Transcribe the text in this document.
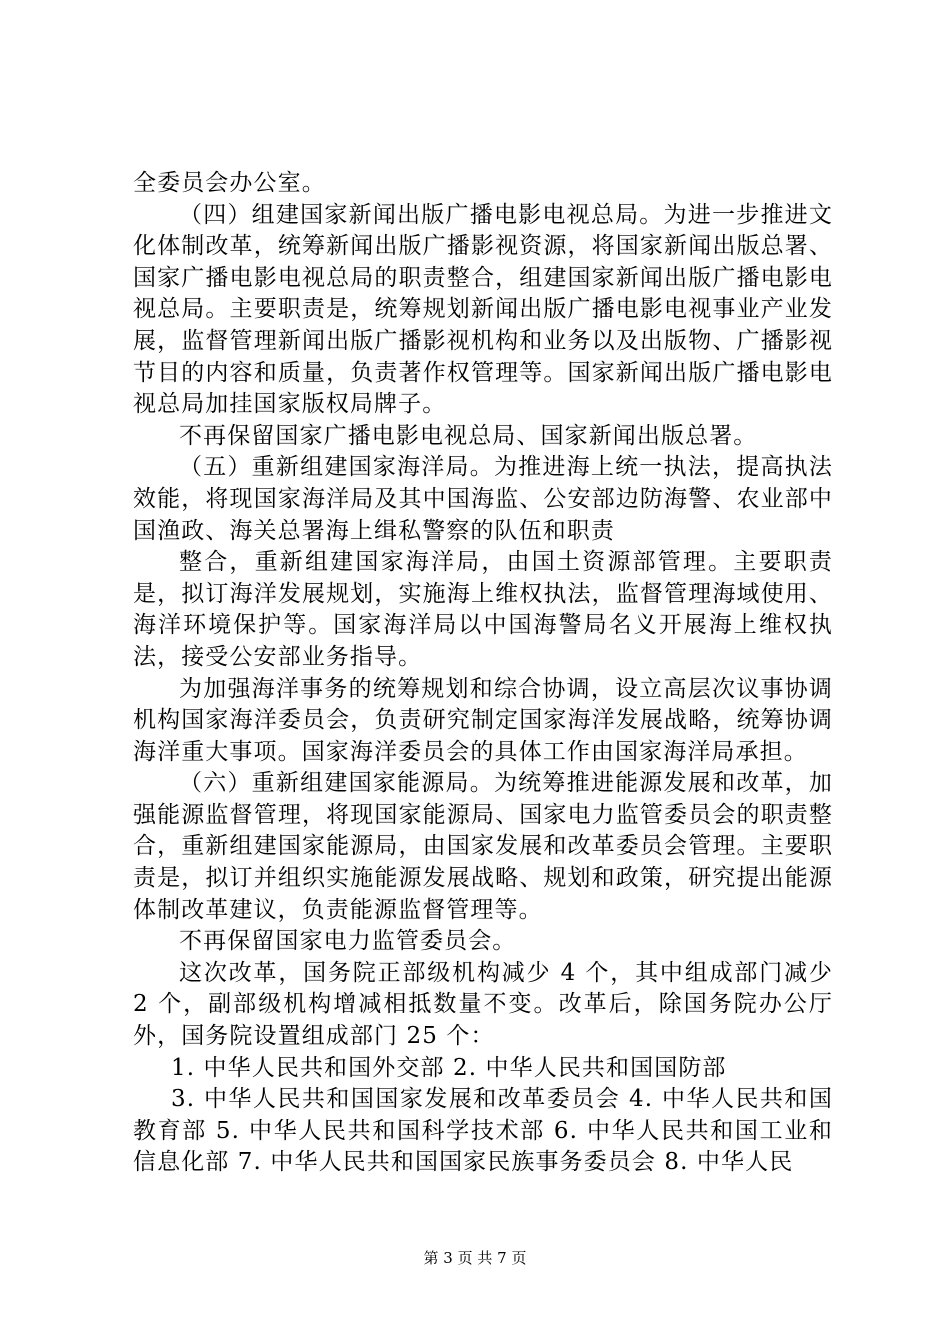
全委员会办公室。

（四）组建国家新闻出版广播电影电视总局。为进一步推进文化体制改革，统筹新闻出版广播影视资源，将国家新闻出版总署、国家广播电影电视总局的职责整合，组建国家新闻出版广播电影电视总局。主要职责是，统筹规划新闻出版广播电影电视事业产业发展，监督管理新闻出版广播影视机构和业务以及出版物、广播影视节目的内容和质量，负责著作权管理等。国家新闻出版广播电影电视总局加挂国家版权局牌子。

不再保留国家广播电影电视总局、国家新闻出版总署。

（五）重新组建国家海洋局。为推进海上统一执法，提高执法效能，将现国家海洋局及其中国海监、公安部边防海警、农业部中国渔政、海关总署海上缉私警察的队伍和职责

整合，重新组建国家海洋局，由国土资源部管理。主要职责是，拟订海洋发展规划，实施海上维权执法，监督管理海域使用、海洋环境保护等。国家海洋局以中国海警局名义开展海上维权执法，接受公安部业务指导。

为加强海洋事务的统筹规划和综合协调，设立高层次议事协调机构国家海洋委员会，负责研究制定国家海洋发展战略，统筹协调海洋重大事项。国家海洋委员会的具体工作由国家海洋局承担。

（六）重新组建国家能源局。为统筹推进能源发展和改革，加强能源监督管理，将现国家能源局、国家电力监管委员会的职责整合，重新组建国家能源局，由国家发展和改革委员会管理。主要职责是，拟订并组织实施能源发展战略、规划和政策，研究提出能源体制改革建议，负责能源监督管理等。

不再保留国家电力监管委员会。

这次改革，国务院正部级机构减少 4 个，其中组成部门减少 2 个，副部级机构增减相抵数量不变。改革后，除国务院办公厅外，国务院设置组成部门 25 个：

1. 中华人民共和国外交部 2. 中华人民共和国国防部

3. 中华人民共和国国家发展和改革委员会 4. 中华人民共和国教育部 5. 中华人民共和国科学技术部 6. 中华人民共和国工业和信息化部 7. 中华人民共和国国家民族事务委员会 8. 中华人民

第 3 页 共 7 页
